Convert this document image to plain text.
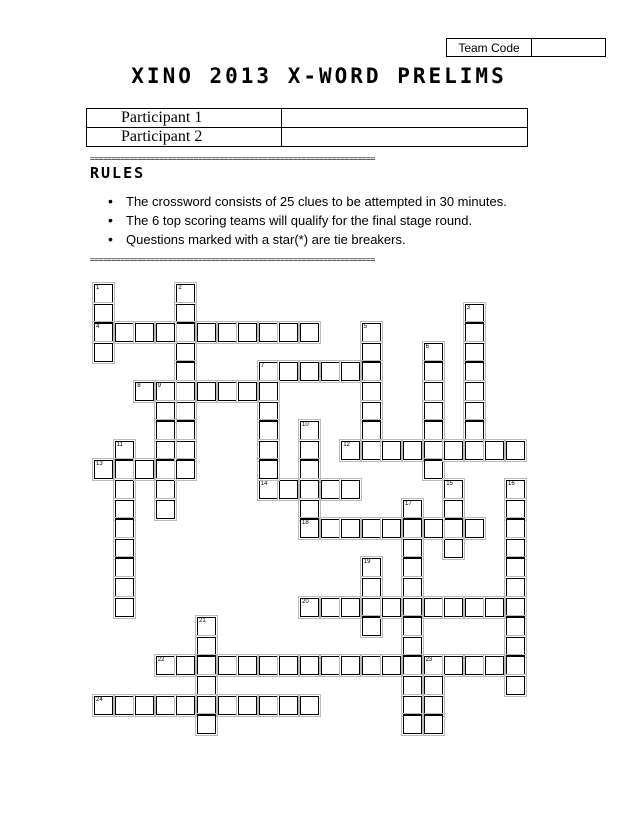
Team Code
XINO 2013 X-WORD PRELIMS
Participant 1	
Participant 2	
==================================================================
RULES
• The crossword consists of 25 clues to be attempted in 30 minutes.
• The 6 top scoring teams will qualify for the final stage round.
• Questions marked with a star(*) are tie breakers.
==================================================================
1
4
2
3
5
6
7
8	9
10
11	12
13
14	15	16
17
18
19
20
21
22	23
24
